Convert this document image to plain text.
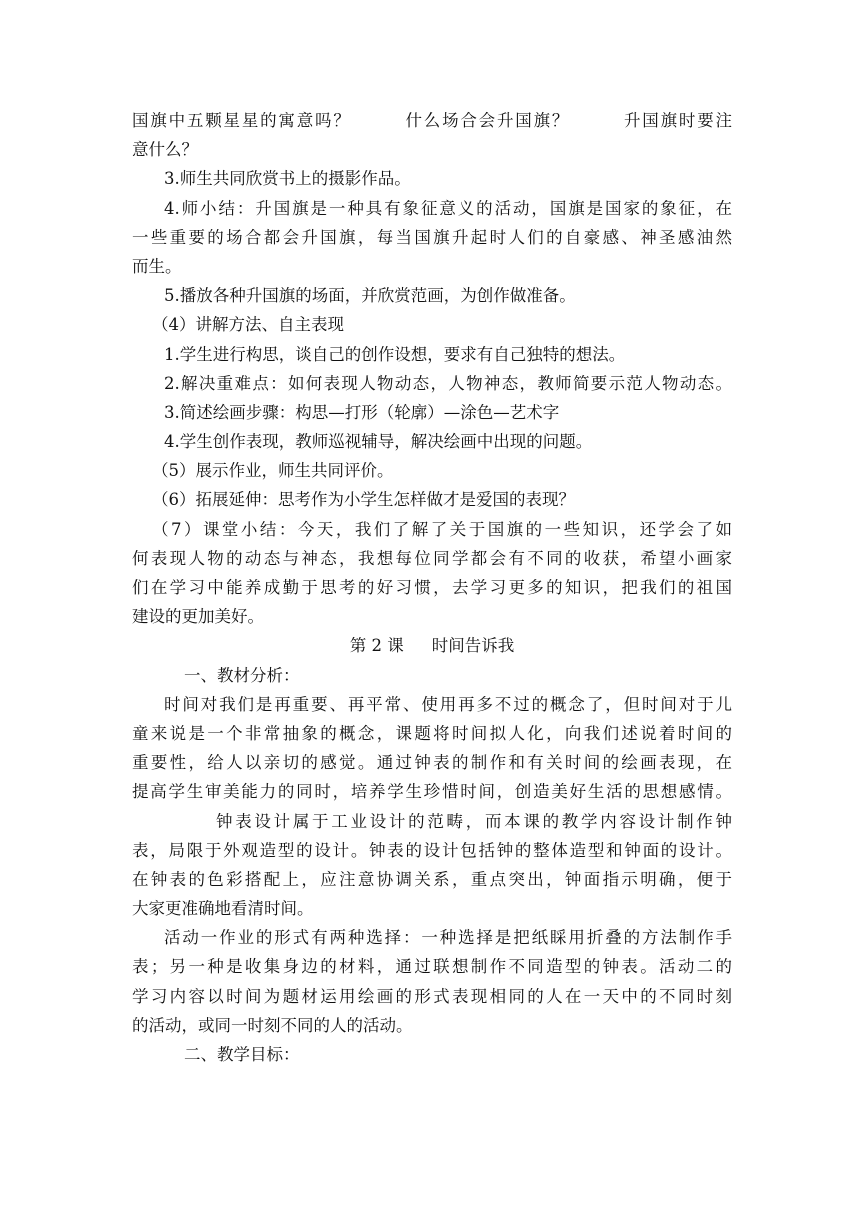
国旗中五颗星星的寓意吗？	什么场合会升国旗？	升国旗时要注
意什么？
3.师生共同欣赏书上的摄影作品。
4.师小结：升国旗是一种具有象征意义的活动，国旗是国家的象征，在
一些重要的场合都会升国旗，每当国旗升起时人们的自豪感、神圣感油然
而生。
5.播放各种升国旗的场面，并欣赏范画，为创作做准备。
（4）讲解方法、自主表现
1.学生进行构思，谈自己的创作设想，要求有自己独特的想法。
2.解决重难点：如何表现人物动态，人物神态，教师简要示范人物动态。
3.简述绘画步骤：构思—打形（轮廓）—涂色—艺术字
4.学生创作表现，教师巡视辅导，解决绘画中出现的问题。
（5）展示作业，师生共同评价。
（6）拓展延伸：思考作为小学生怎样做才是爱国的表现？
（7）课堂小结：今天，我们了解了关于国旗的一些知识，还学会了如
何表现人物的动态与神态，我想每位同学都会有不同的收获，希望小画家
们在学习中能养成勤于思考的好习惯，去学习更多的知识，把我们的祖国
建设的更加美好。
第 2 课 时间告诉我
一、教材分析：
时间对我们是再重要、再平常、使用再多不过的概念了，但时间对于儿
童来说是一个非常抽象的概念，课题将时间拟人化，向我们述说着时间的
重要性，给人以亲切的感觉。通过钟表的制作和有关时间的绘画表现，在
提高学生审美能力的同时，培养学生珍惜时间，创造美好生活的思想感情。
钟表设计属于工业设计的范畴，而本课的教学内容设计制作钟
表，局限于外观造型的设计。钟表的设计包括钟的整体造型和钟面的设计。
在钟表的色彩搭配上，应注意协调关系，重点突出，钟面指示明确，便于
大家更准确地看清时间。
活动一作业的形式有两种选择：一种选择是把纸睬用折叠的方法制作手
表；另一种是收集身边的材料，通过联想制作不同造型的钟表。活动二的
学习内容以时间为题材运用绘画的形式表现相同的人在一天中的不同时刻
的活动，或同一时刻不同的人的活动。
二、教学目标：
